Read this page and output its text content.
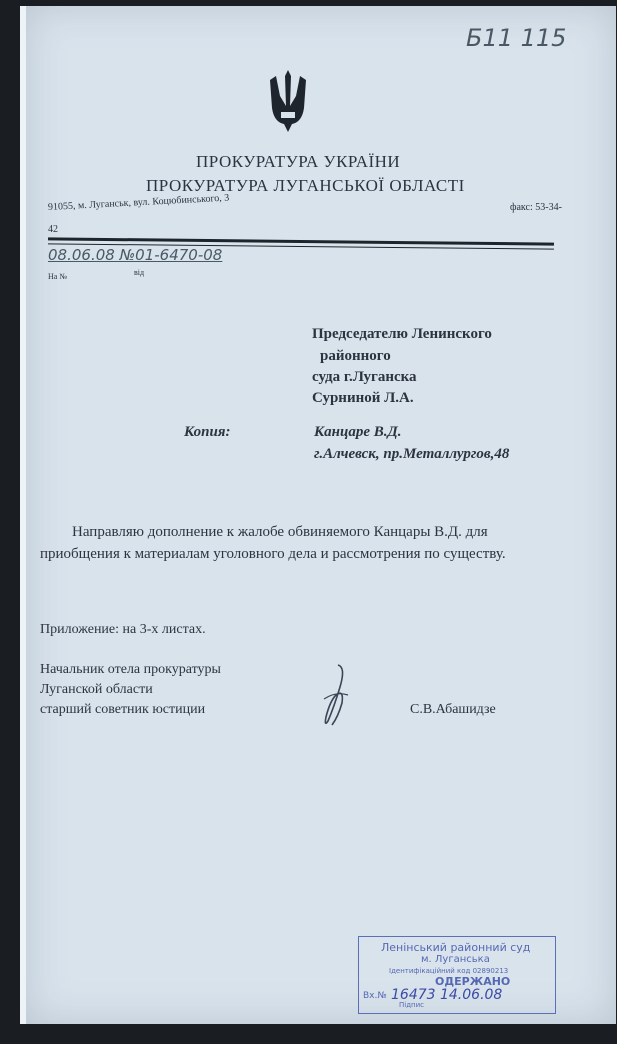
Б11 115
ПРОКУРАТУРА УКРАЇНИ
ПРОКУРАТУРА ЛУГАНСЬКОЇ ОБЛАСТІ
91055, м. Луганськ, вул. Коцюбинського, 3	факс: 53-34-
42
08.06.08 №01-6470-08
На №	від
Председателю Ленинского
районного
суда г.Луганска
Сурниной Л.А.
Копия:	Канцаре В.Д.
г.Алчевск, пр.Металлургов,48
Направляю дополнение к жалобе обвиняемого Канцары В.Д. для
приобщения к материалам уголовного дела и рассмотрения по существу.
Приложение: на 3-х листах.
Начальник отела прокуратуры
Луганской области
старший советник юстиции	С.В.Абашидзе
Ленінський районний суд
м. Луганська
Ідентифікаційний код 02890213
ОДЕРЖАНО
Вх.№ 16473 14.06.08
Підпис
